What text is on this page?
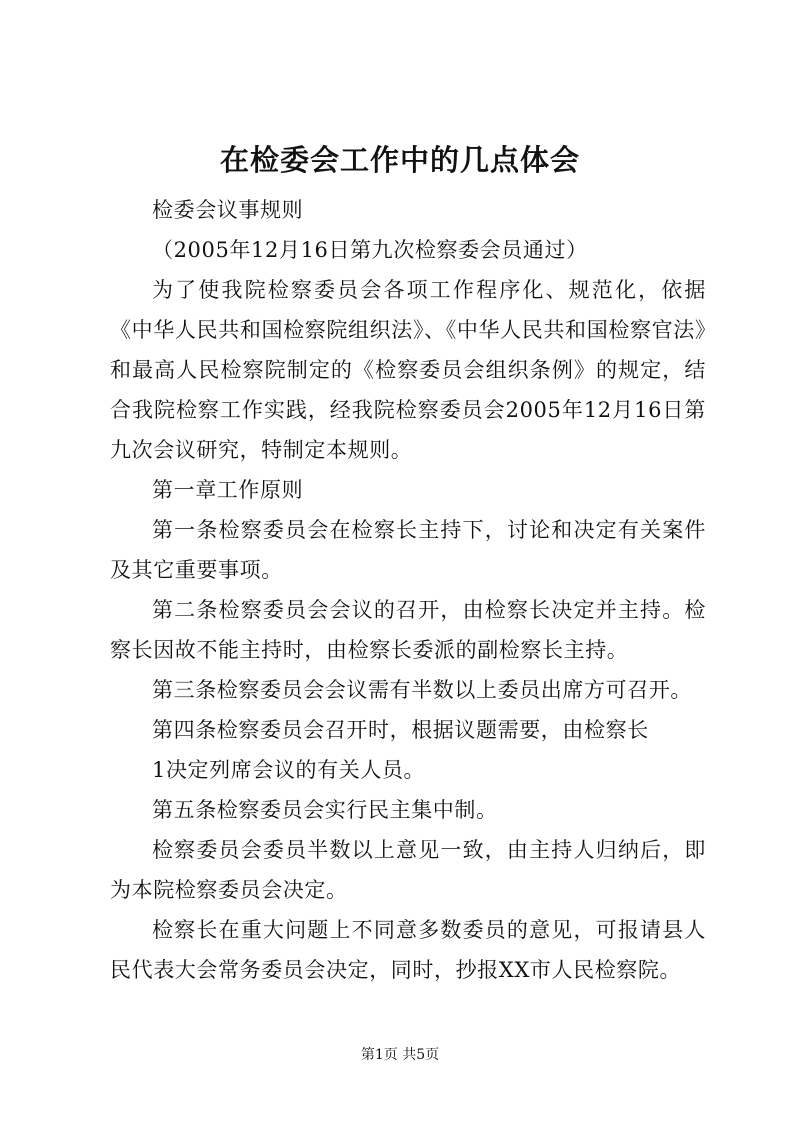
在检委会工作中的几点体会

检委会议事规则

（2005年12月16日第九次检察委会员通过）

为了使我院检察委员会各项工作程序化、规范化，依据《中华人民共和国检察院组织法》、《中华人民共和国检察官法》和最高人民检察院制定的《检察委员会组织条例》的规定，结合我院检察工作实践，经我院检察委员会2005年12月16日第九次会议研究，特制定本规则。

第一章工作原则

第一条检察委员会在检察长主持下，讨论和决定有关案件及其它重要事项。

第二条检察委员会会议的召开，由检察长决定并主持。检察长因故不能主持时，由检察长委派的副检察长主持。

第三条检察委员会会议需有半数以上委员出席方可召开。

第四条检察委员会召开时，根据议题需要，由检察长

1决定列席会议的有关人员。

第五条检察委员会实行民主集中制。

检察委员会委员半数以上意见一致，由主持人归纳后，即为本院检察委员会决定。

检察长在重大问题上不同意多数委员的意见，可报请县人民代表大会常务委员会决定，同时，抄报XX市人民检察院。

第1页 共5页
